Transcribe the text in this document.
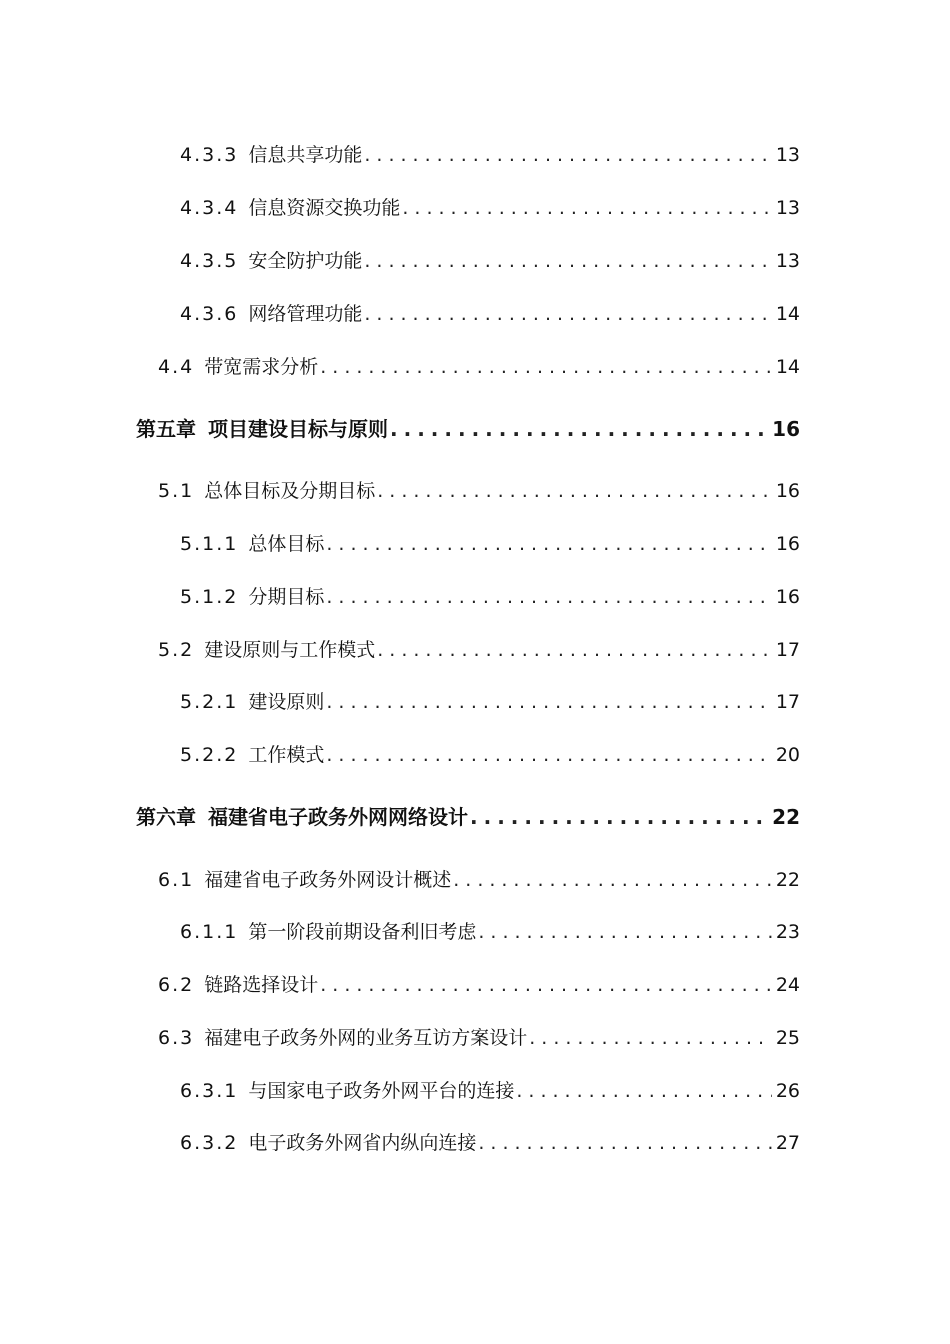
4.3.3 信息共享功能 .....	13
4.3.4 信息资源交换功能 .....	13
4.3.5 安全防护功能 .....	13
4.3.6 网络管理功能 .....	14
4.4 带宽需求分析 .....	14
第五章 项目建设目标与原则 .....	16
5.1 总体目标及分期目标 .....	16
5.1.1 总体目标 .....	16
5.1.2 分期目标 .....	16
5.2 建设原则与工作模式 .....	17
5.2.1 建设原则 .....	17
5.2.2 工作模式 .....	20
第六章 福建省电子政务外网网络设计 .....	22
6.1 福建省电子政务外网设计概述 .....	22
6.1.1 第一阶段前期设备利旧考虑 .....	23
6.2 链路选择设计 .....	24
6.3 福建电子政务外网的业务互访方案设计 .....	25
6.3.1 与国家电子政务外网平台的连接 .....	26
6.3.2 电子政务外网省内纵向连接 .....	27
